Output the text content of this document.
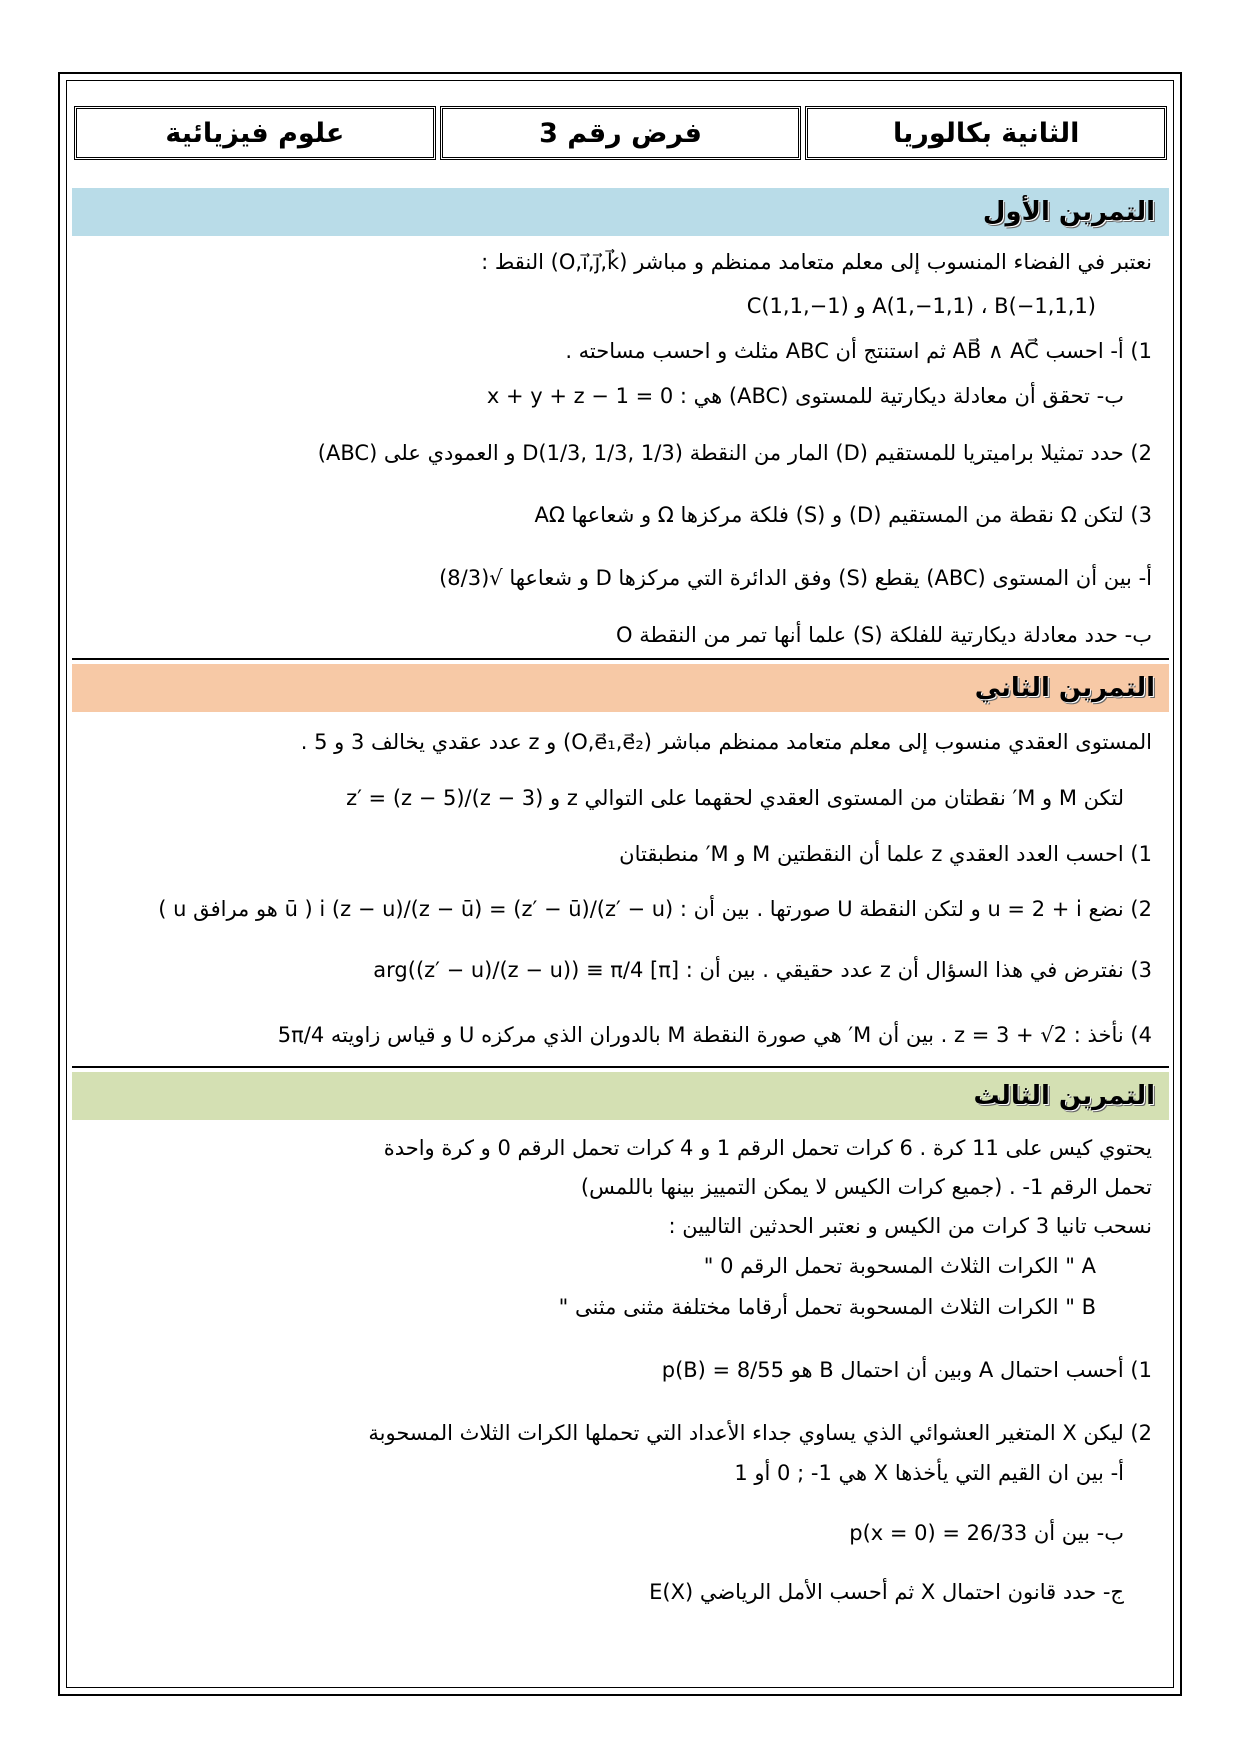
علوم فيزيائية	فرض رقم 3	الثانية بكالوريا
التمرين الأول
نعتبر في الفضاء المنسوب إلى معلم متعامد ممنظم و مباشر (O,i⃗,j⃗,k⃗) النقط :
A(1,−1,1) ، B(−1,1,1) و C(1,1,−1)
1) أ- احسب AB⃗ ∧ AC⃗ ثم استنتج أن ABC مثلث و احسب مساحته .
ب- تحقق أن معادلة ديكارتية للمستوى (ABC) هي : x + y + z − 1 = 0
2) حدد تمثيلا براميتريا للمستقيم (D) المار من النقطة D(1/3, 1/3, 1/3) و العمودي على (ABC)
3) لتكن Ω نقطة من المستقيم (D) و (S) فلكة مركزها Ω و شعاعها AΩ
أ- بين أن المستوى (ABC) يقطع (S) وفق الدائرة التي مركزها D و شعاعها √(8/3)
ب- حدد معادلة ديكارتية للفلكة (S) علما أنها تمر من النقطة O
التمرين الثاني
المستوى العقدي منسوب إلى معلم متعامد ممنظم مباشر (O,e⃗₁,e⃗₂) و z عدد عقدي يخالف 3 و 5 .
لتكن M و M′ نقطتان من المستوى العقدي لحقهما على التوالي z و z′ = (z − 5)/(z − 3)
1) احسب العدد العقدي z علما أن النقطتين M و M′ منطبقتان
2) نضع u = 2 + i و لتكن النقطة U صورتها . بين أن : (z′ − u)/(z′ − ū) = i (z − u)/(z − ū) ( ū هو مرافق u )
3) نفترض في هذا السؤال أن z عدد حقيقي . بين أن : arg((z′ − u)/(z − u)) ≡ π/4 [π]
4) نأخذ : z = 3 + √2 . بين أن M′ هي صورة النقطة M بالدوران الذي مركزه U و قياس زاويته 5π/4
التمرين الثالث
يحتوي كيس على 11 كرة . 6 كرات تحمل الرقم 1 و 4 كرات تحمل الرقم 0 و كرة واحدة
تحمل الرقم 1- . (جميع كرات الكيس لا يمكن التمييز بينها باللمس)
نسحب تانيا 3 كرات من الكيس و نعتبر الحدثين التاليين :
A " الكرات الثلاث المسحوبة تحمل الرقم 0 "
B " الكرات الثلاث المسحوبة تحمل أرقاما مختلفة مثنى مثنى "
1) أحسب احتمال A وبين أن احتمال B هو p(B) = 8/55
2) ليكن X المتغير العشوائي الذي يساوي جداء الأعداد التي تحملها الكرات الثلاث المسحوبة
أ- بين ان القيم التي يأخذها X هي 1- ; 0 أو 1
ب- بين أن p(x = 0) = 26/33
ج- حدد قانون احتمال X ثم أحسب الأمل الرياضي E(X)
